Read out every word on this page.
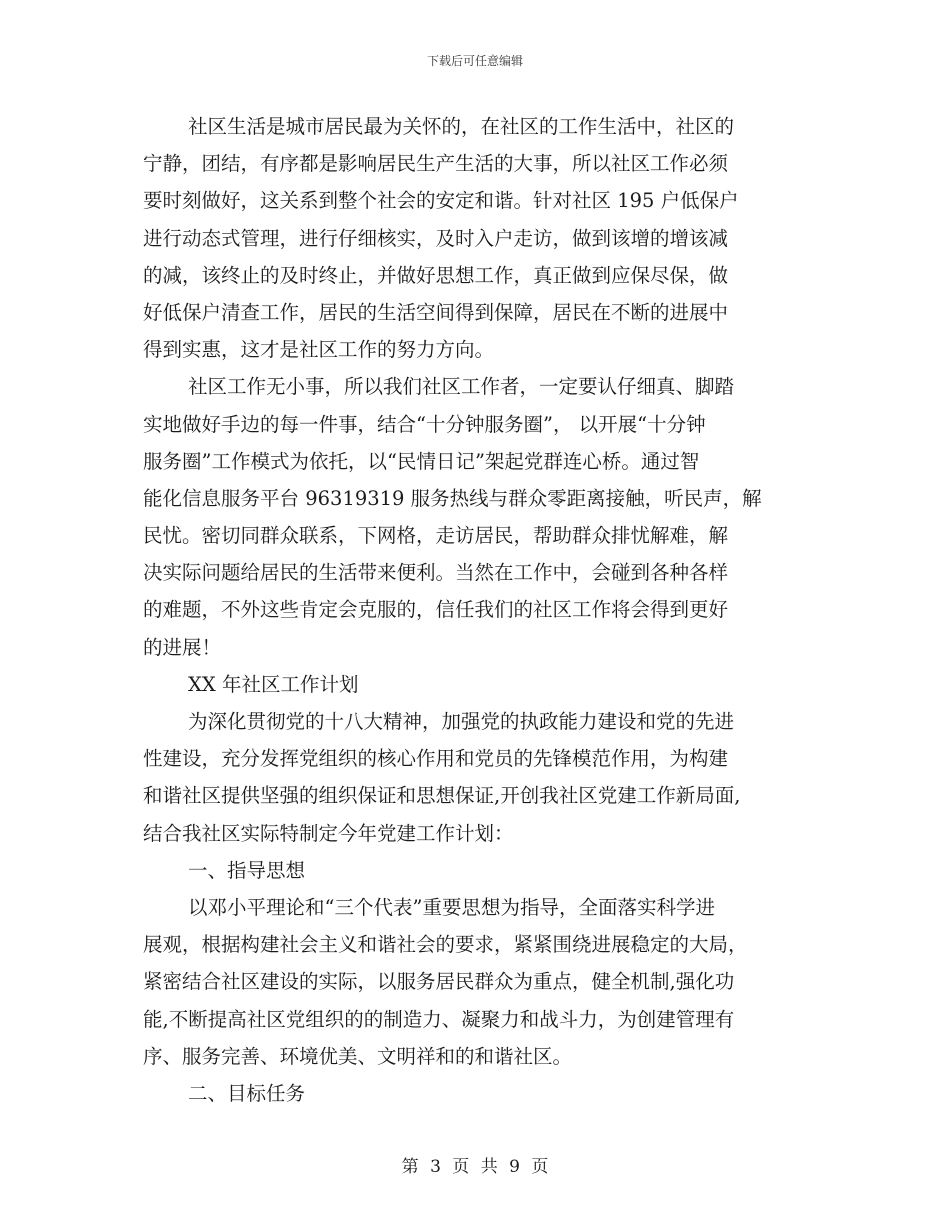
下载后可任意编辑
社区生活是城市居民最为关怀的，在社区的工作生活中，社区的
宁静，团结，有序都是影响居民生产生活的大事，所以社区工作必须
要时刻做好，这关系到整个社会的安定和谐。针对社区 195 户低保户
进行动态式管理，进行仔细核实，及时入户走访，做到该增的增该减
的减，该终止的及时终止，并做好思想工作，真正做到应保尽保，做
好低保户清查工作，居民的生活空间得到保障，居民在不断的进展中
得到实惠，这才是社区工作的努力方向。
社区工作无小事，所以我们社区工作者，一定要认仔细真、脚踏
实地做好手边的每一件事，结合“十分钟服务圈”， 以开展“十分钟
服务圈”工作模式为依托，以“民情日记”架起党群连心桥。通过智
能化信息服务平台 96319319 服务热线与群众零距离接触，听民声，解
民忧。密切同群众联系，下网格，走访居民，帮助群众排忧解难，解
决实际问题给居民的生活带来便利。当然在工作中，会碰到各种各样
的难题，不外这些肯定会克服的，信任我们的社区工作将会得到更好
的进展！
XX 年社区工作计划
为深化贯彻党的十八大精神，加强党的执政能力建设和党的先进
性建设，充分发挥党组织的核心作用和党员的先锋模范作用，为构建
和谐社区提供坚强的组织保证和思想保证,开创我社区党建工作新局面,
结合我社区实际特制定今年党建工作计划：
一、指导思想
以邓小平理论和“三个代表”重要思想为指导，全面落实科学进
展观，根据构建社会主义和谐社会的要求，紧紧围绕进展稳定的大局，
紧密结合社区建设的实际，以服务居民群众为重点，健全机制,强化功
能,不断提高社区党组织的的制造力、凝聚力和战斗力，为创建管理有
序、服务完善、环境优美、文明祥和的和谐社区。
二、目标任务
第 3 页 共 9 页
